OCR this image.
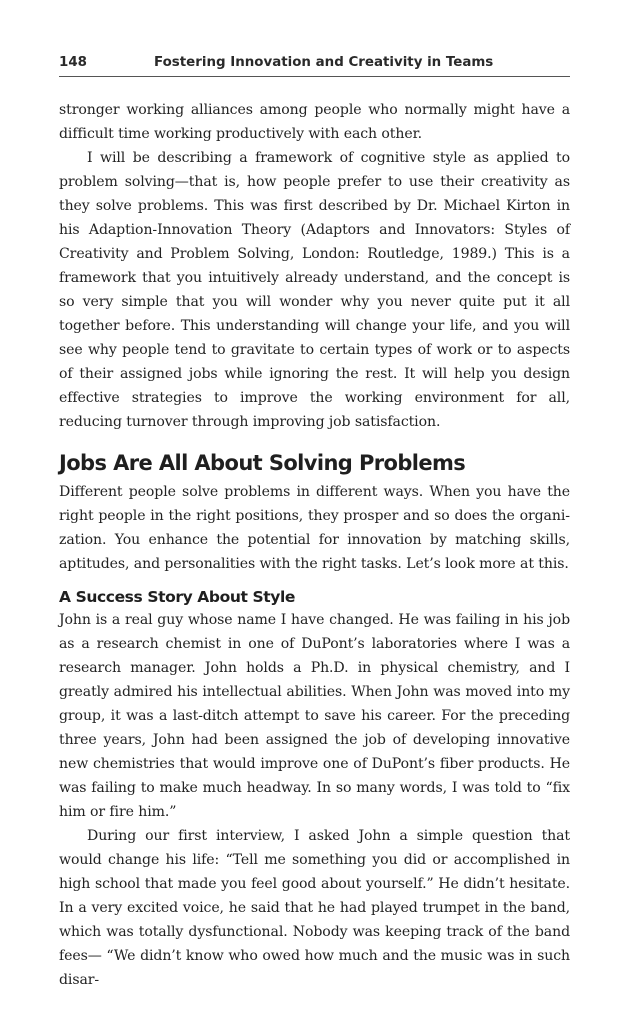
148	Fostering Innovation and Creativity in Teams

stronger working alliances among people who normally might have a difficult time working productively with each other.

I will be describing a framework of cognitive style as applied to problem solving—that is, how people prefer to use their creativity as they solve problems. This was first described by Dr. Michael Kirton in his Adaption-Innovation Theory (Adaptors and Innovators: Styles of Creativity and Problem Solving, London: Routledge, 1989.) This is a framework that you intuitively already understand, and the concept is so very simple that you will wonder why you never quite put it all together before. This understanding will change your life, and you will see why people tend to gravitate to certain types of work or to aspects of their assigned jobs while ignoring the rest. It will help you design effective strategies to improve the working environment for all, reducing turnover through improving job satisfaction.

Jobs Are All About Solving Problems

Different people solve problems in different ways. When you have the right people in the right positions, they prosper and so does the organization. You enhance the potential for innovation by matching skills, aptitudes, and personalities with the right tasks. Let’s look more at this.

A Success Story About Style

John is a real guy whose name I have changed. He was failing in his job as a research chemist in one of DuPont’s laboratories where I was a research manager. John holds a Ph.D. in physical chemistry, and I greatly admired his intellectual abilities. When John was moved into my group, it was a last-ditch attempt to save his career. For the preceding three years, John had been assigned the job of developing innovative new chemistries that would improve one of DuPont’s fiber products. He was failing to make much headway. In so many words, I was told to “fix him or fire him.”

During our first interview, I asked John a simple question that would change his life: “Tell me something you did or accomplished in high school that made you feel good about yourself.” He didn’t hesitate. In a very excited voice, he said that he had played trumpet in the band, which was totally dysfunctional. Nobody was keeping track of the band fees— “We didn’t know who owed how much and the music was in such disar-
